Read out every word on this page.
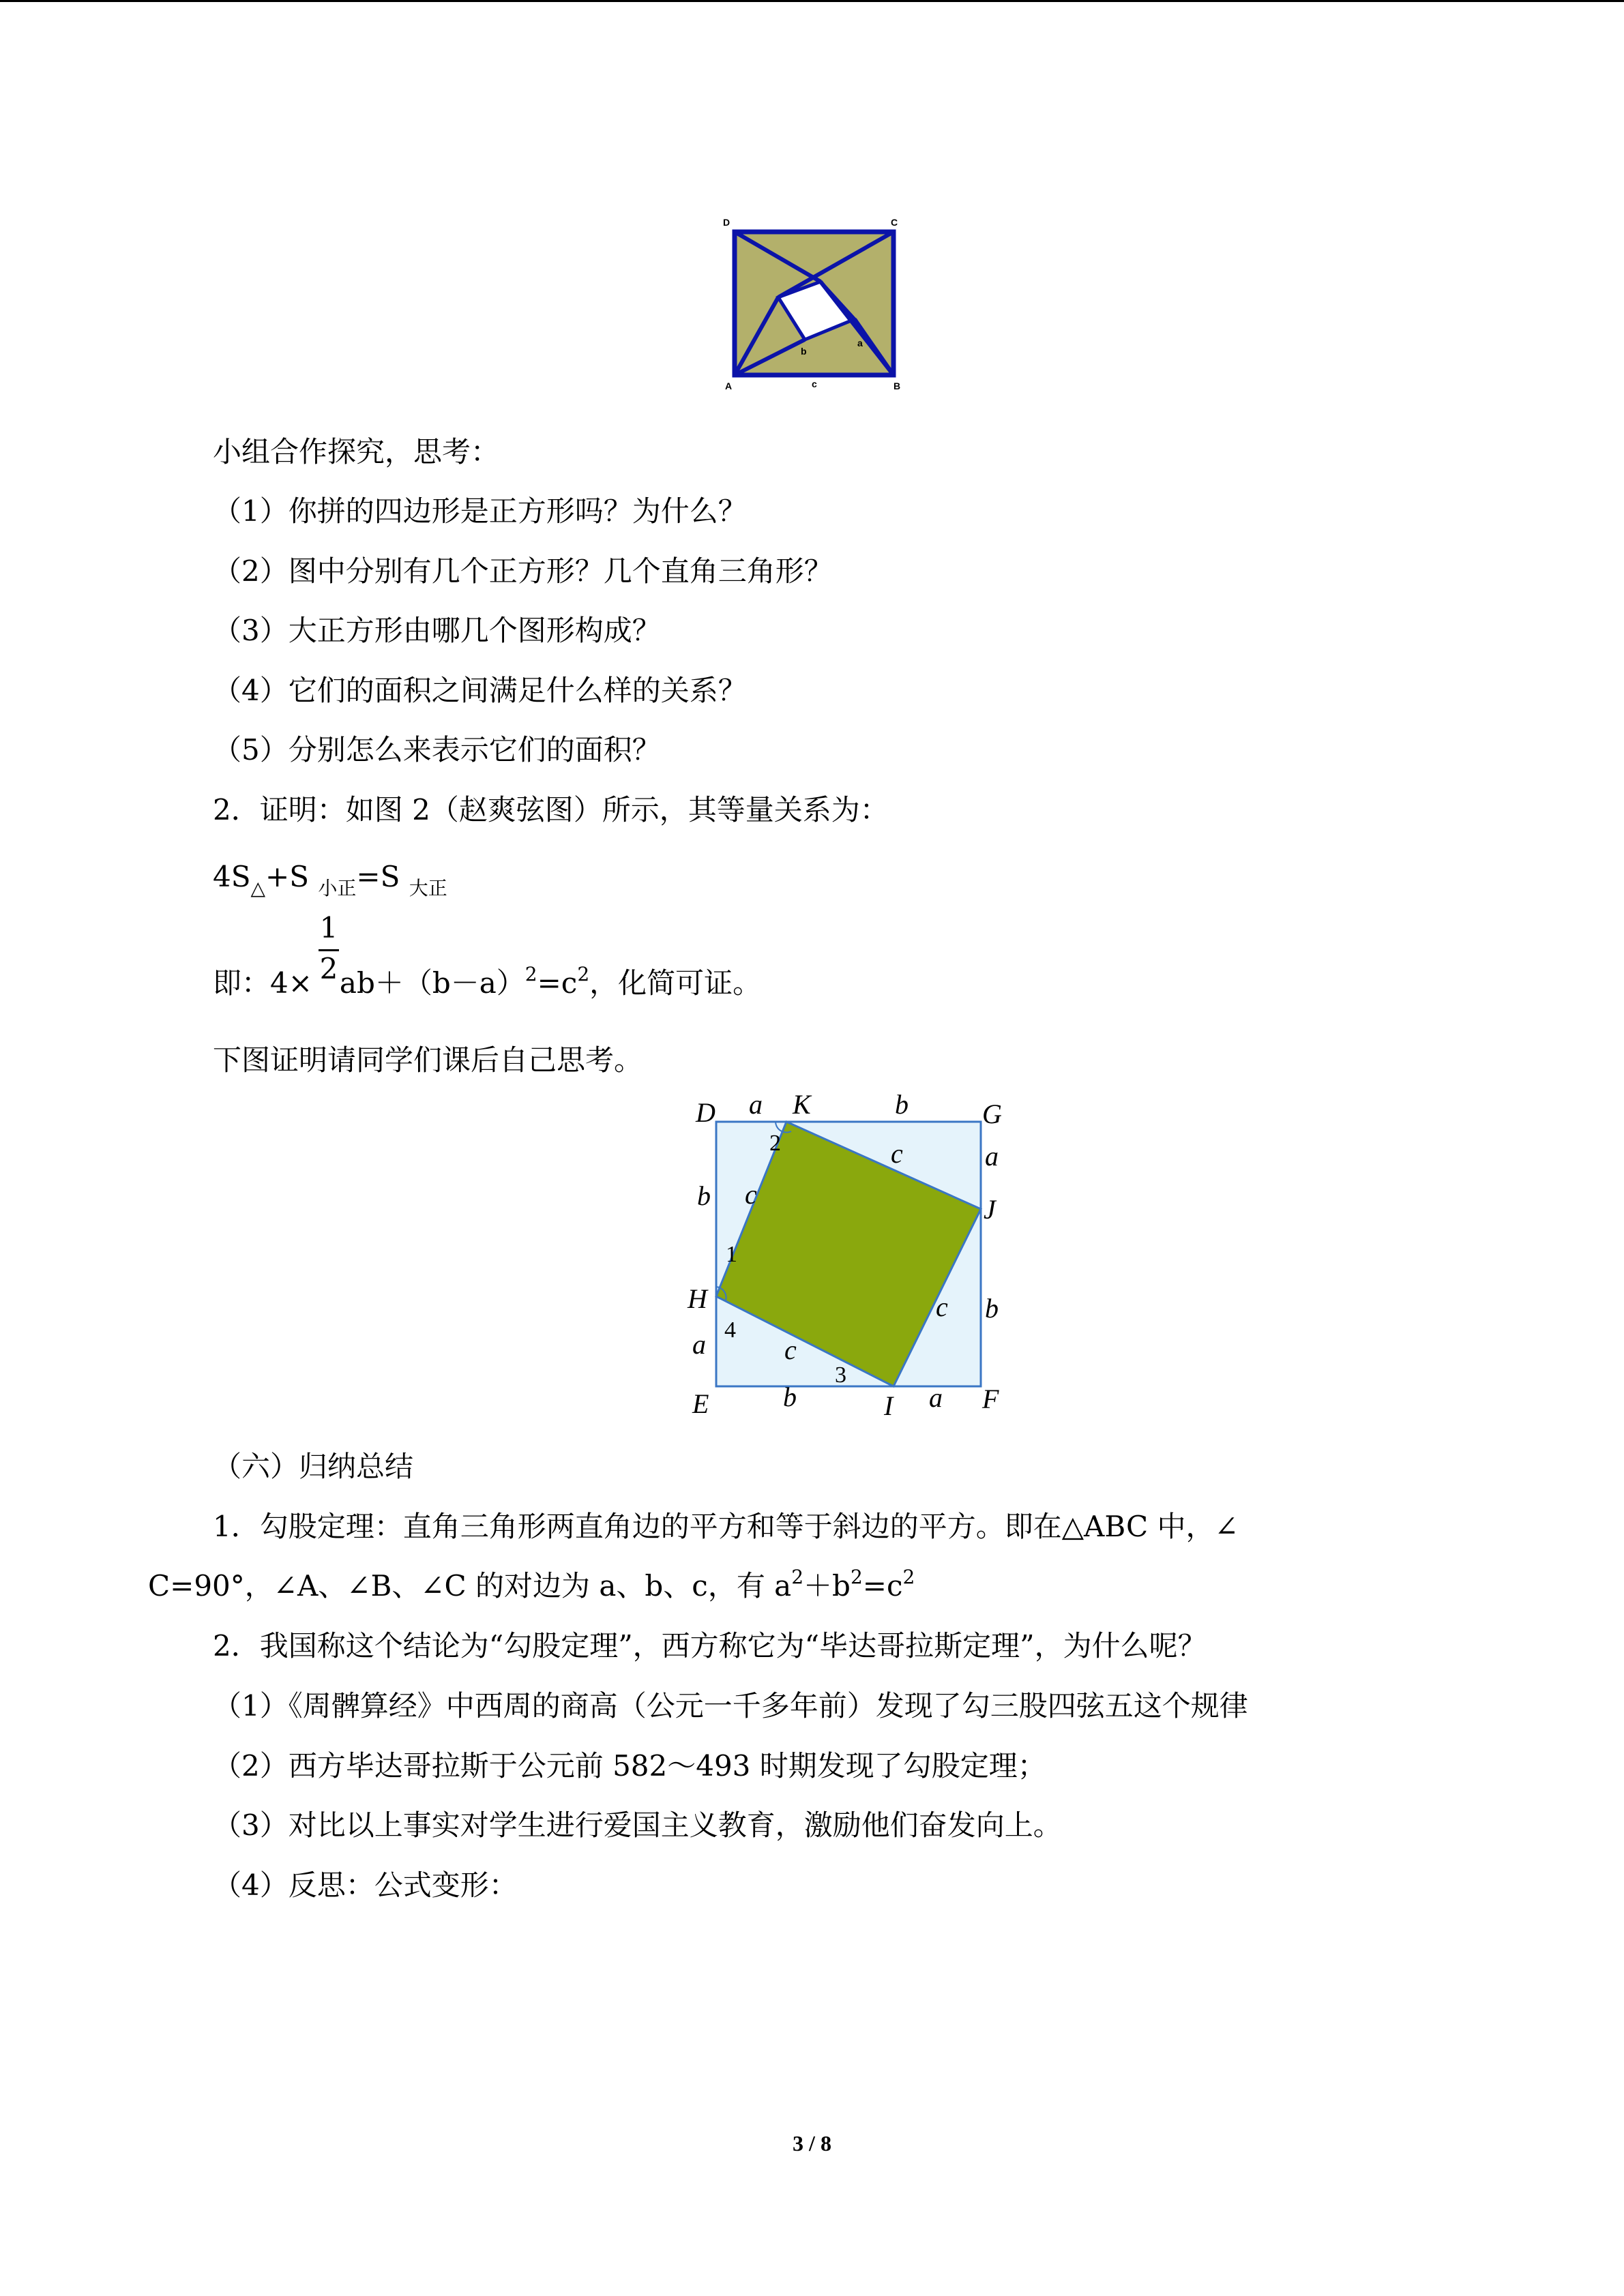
D	C
A	c	B
b
a
小组合作探究，思考：
（1）你拼的四边形是正方形吗？为什么？
（2）图中分别有几个正方形？几个直角三角形？
（3）大正方形由哪几个图形构成？
（4）它们的面积之间满足什么样的关系？
（5）分别怎么来表示它们的面积？
2．证明：如图 2（赵爽弦图）所示，其等量关系为：
$4S_\triangle+S$ $_{小正}$=S $_{大正}$
1
2
即：$4\times ab+(b-a)^2=c^2$，化简可证。
下图证明请同学们课后自己思考。
D a K	b	G
a
J
b
F
a
I
b
E
a
H
b c
c
c
c
1
2
3
4
（六）归纳总结
1．勾股定理：直角三角形两直角边的平方和等于斜边的平方。即在△ABC 中，∠
C=90°，∠A、∠B、∠C 的对边为 a、b、c，有 $a^2+b^2=c^2$
2．我国称这个结论为“勾股定理”，西方称它为“毕达哥拉斯定理”，为什么呢？
（1）《周髀算经》中西周的商高（公元一千多年前）发现了勾三股四弦五这个规律
（2）西方毕达哥拉斯于公元前 582～493 时期发现了勾股定理；
（3）对比以上事实对学生进行爱国主义教育，激励他们奋发向上。
（4）反思：公式变形：
3 / 8
